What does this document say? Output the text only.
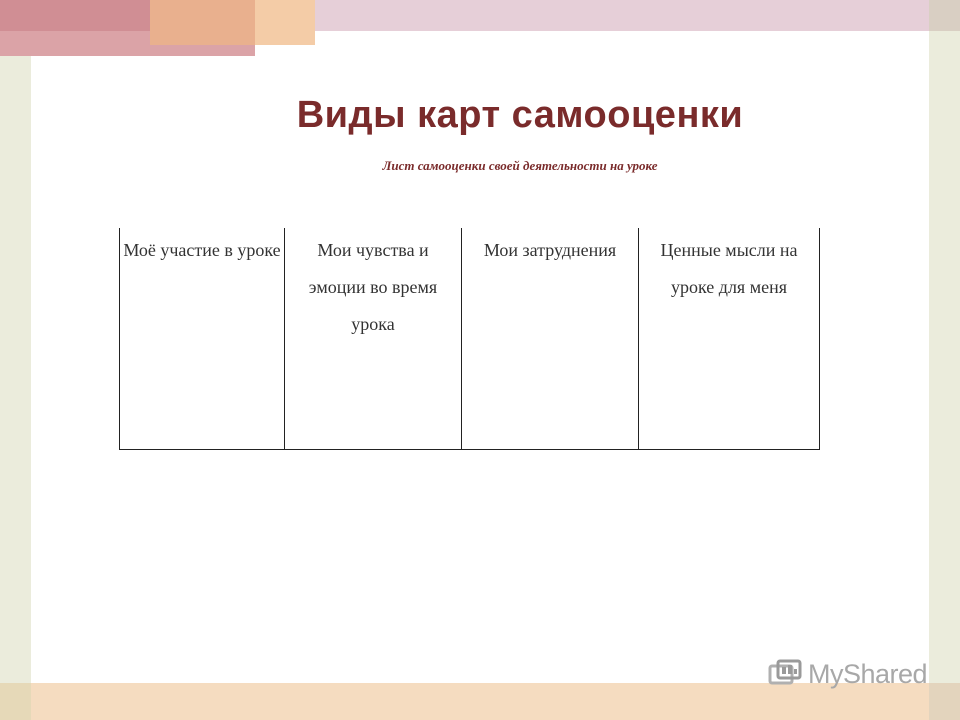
Виды карт самооценки
Лист самооценки своей деятельности на уроке
Моё участие в уроке	Мои чувства и эмоции во время урока	Мои затруднения	Ценные мысли на уроке для меня
MyShared
